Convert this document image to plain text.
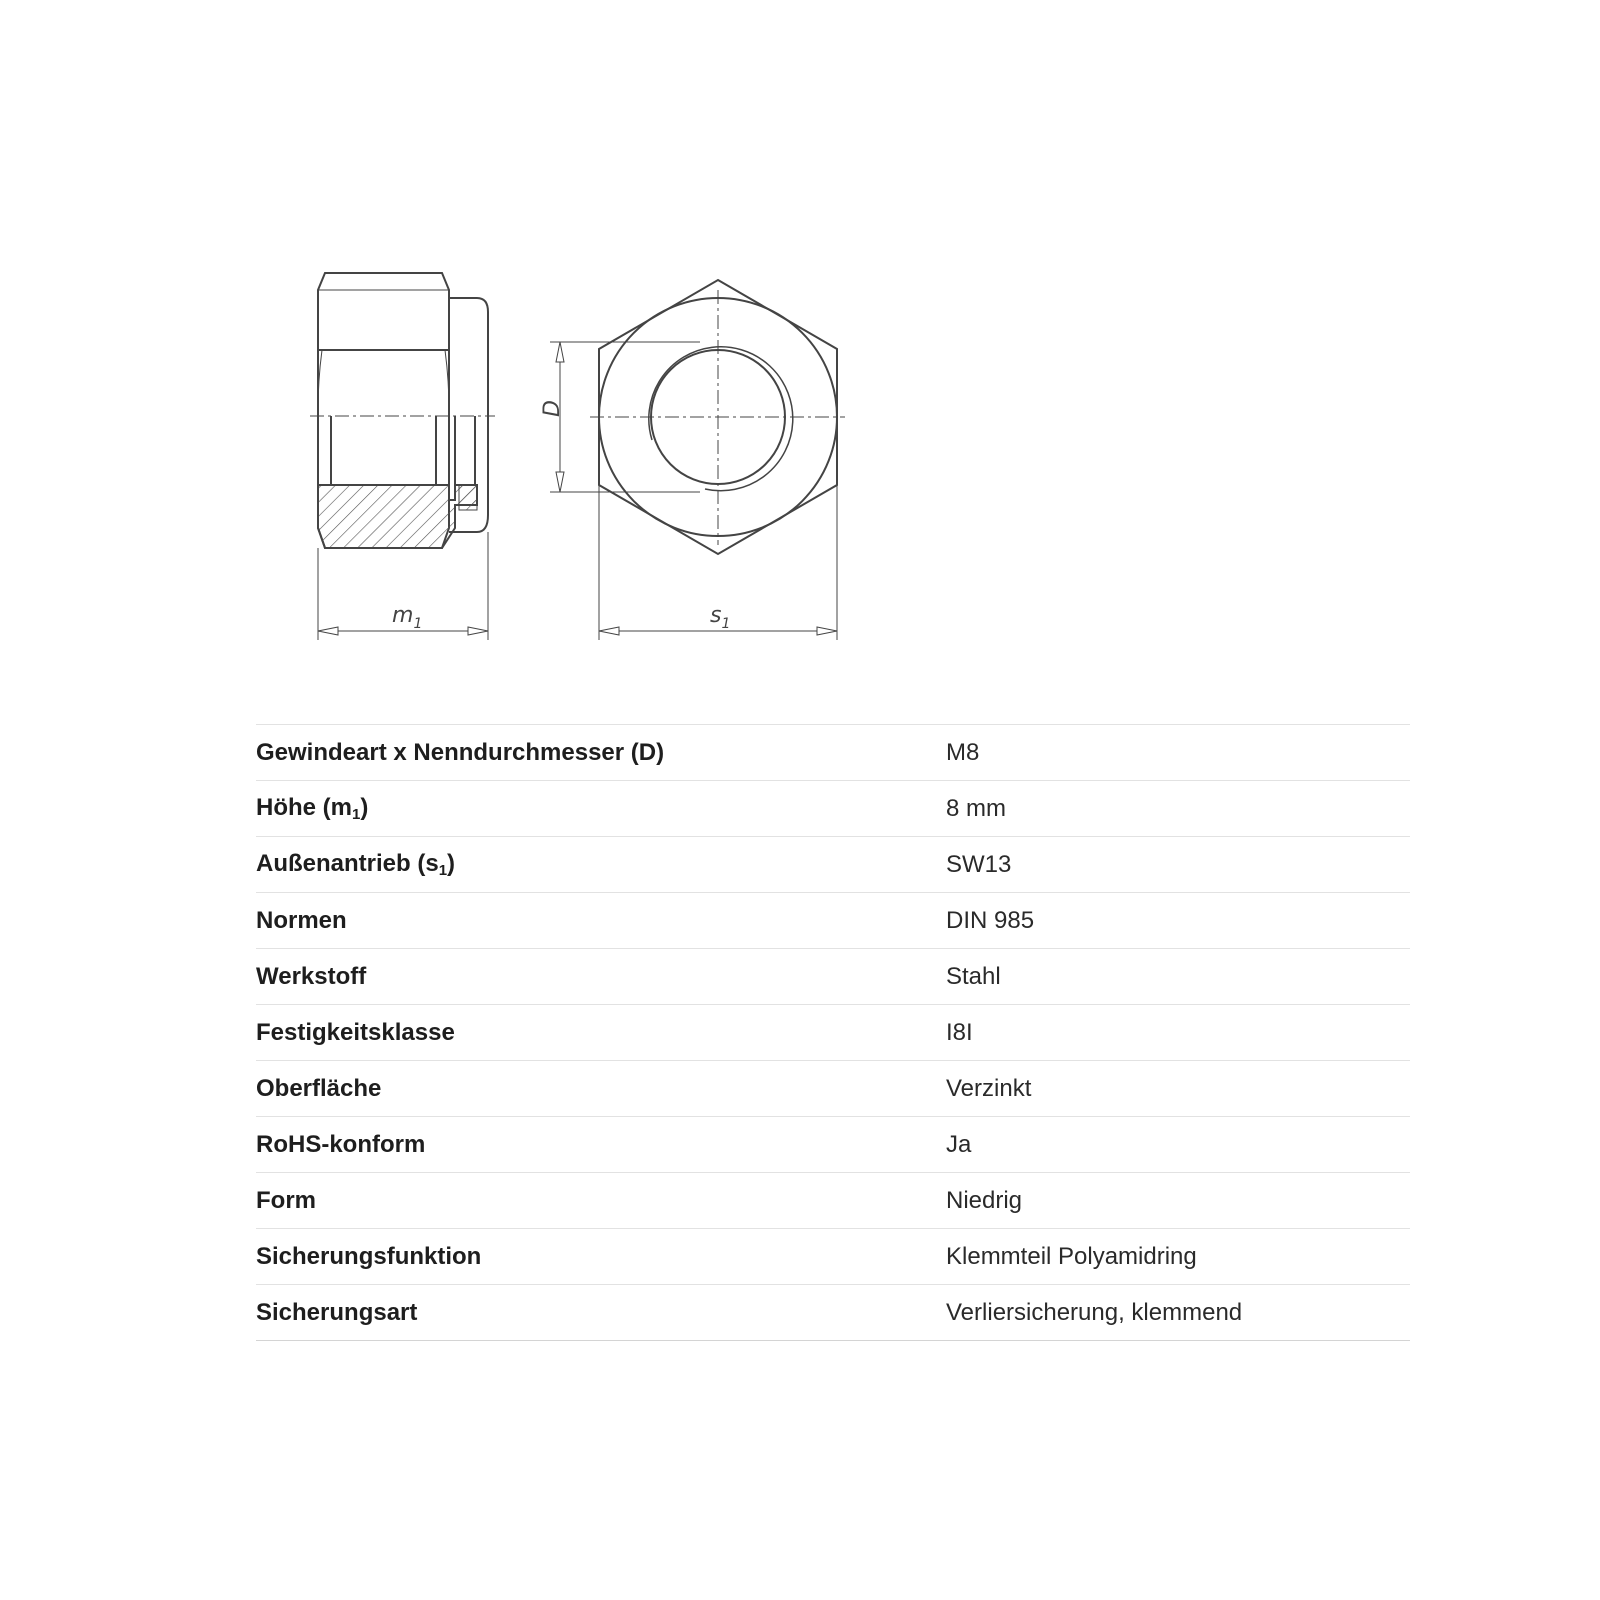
$m_1$
D
$s_1$
Gewindeart x Nenndurchmesser (D)	M8
Höhe $(m_1)$	8 mm
Außenantrieb $(s_1)$	SW13
Normen	DIN 985
Werkstoff	Stahl
Festigkeitsklasse	I8I
Oberfläche	Verzinkt
RoHS-konform	Ja
Form	Niedrig
Sicherungsfunktion	Klemmteil Polyamidring
Sicherungsart	Verliersicherung, klemmend
